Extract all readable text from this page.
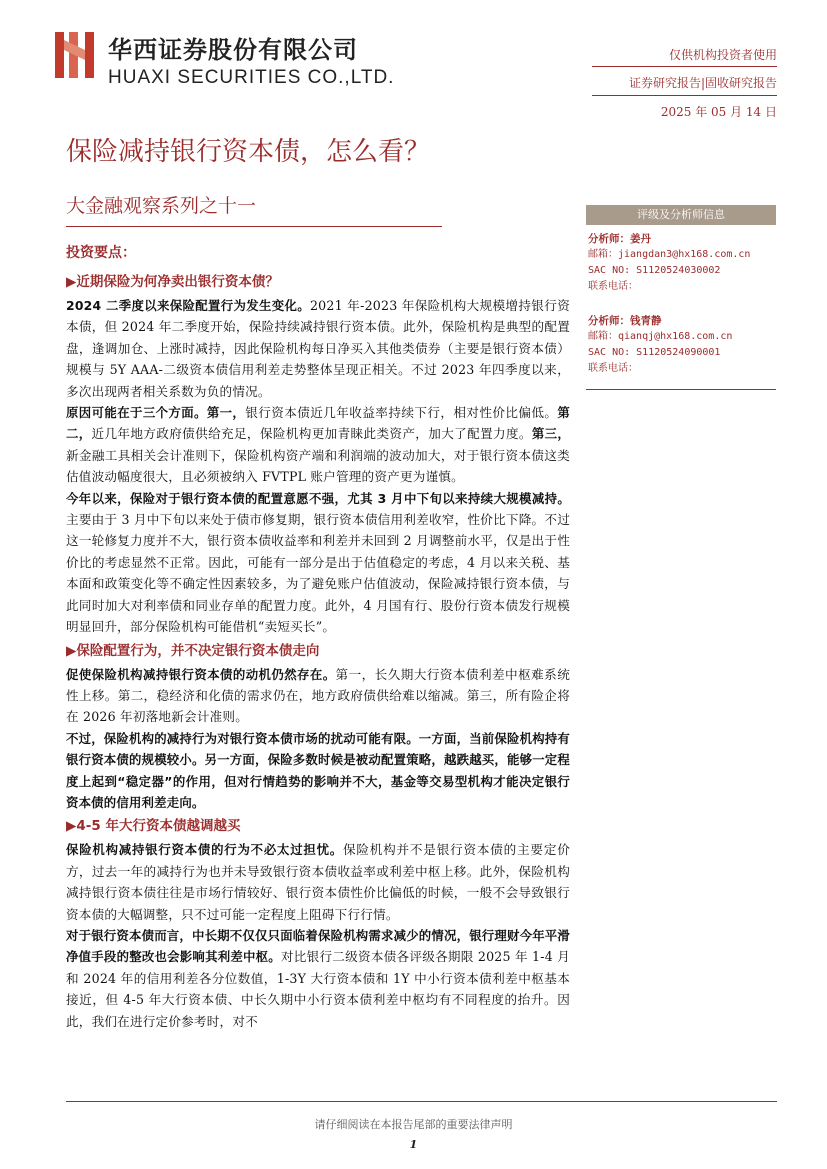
华西证券股份有限公司
HUAXI SECURITIES CO.,LTD.
仅供机构投资者使用
证券研究报告|固收研究报告
2025 年 05 月 14 日
保险减持银行资本债，怎么看？
大金融观察系列之十一	评级及分析师信息
分析师：姜丹
邮箱：jiangdan3@hx168.com.cn
SAC NO: S1120524030002
联系电话：
分析师：钱青静
邮箱：qianqj@hx168.com.cn
SAC NO: S1120524090001
联系电话：
投资要点：
▶近期保险为何净卖出银行资本债？

2024 二季度以来保险配置行为发生变化。2021 年-2023 年保险机构大规模增持银行资本债，但 2024 年二季度开始，保险持续减持银行资本债。此外，保险机构是典型的配置盘，逢调加仓、上涨时减持，因此保险机构每日净买入其他类债券（主要是银行资本债）规模与 5Y AAA-二级资本债信用利差走势整体呈现正相关。不过 2023 年四季度以来，多次出现两者相关系数为负的情况。

原因可能在于三个方面。第一，银行资本债近几年收益率持续下行，相对性价比偏低。第二，近几年地方政府债供给充足，保险机构更加青睐此类资产，加大了配置力度。第三，新金融工具相关会计准则下，保险机构资产端和利润端的波动加大，对于银行资本债这类估值波动幅度很大，且必须被纳入 FVTPL 账户管理的资产更为谨慎。

今年以来，保险对于银行资本债的配置意愿不强，尤其 3 月中下旬以来持续大规模减持。主要由于 3 月中下旬以来处于债市修复期，银行资本债信用利差收窄，性价比下降。不过这一轮修复力度并不大，银行资本债收益率和利差并未回到 2 月调整前水平，仅是出于性价比的考虑显然不正常。因此，可能有一部分是出于估值稳定的考虑，4 月以来关税、基本面和政策变化等不确定性因素较多，为了避免账户估值波动，保险减持银行资本债，与此同时加大对利率债和同业存单的配置力度。此外，4 月国有行、股份行资本债发行规模明显回升，部分保险机构可能借机“卖短买长”。

▶保险配置行为，并不决定银行资本债走向

促使保险机构减持银行资本债的动机仍然存在。第一，长久期大行资本债利差中枢难系统性上移。第二，稳经济和化债的需求仍在，地方政府债供给难以缩减。第三，所有险企将在 2026 年初落地新会计准则。

不过，保险机构的减持行为对银行资本债市场的扰动可能有限。一方面，当前保险机构持有银行资本债的规模较小。另一方面，保险多数时候是被动配置策略，越跌越买，能够一定程度上起到“稳定器”的作用，但对行情趋势的影响并不大，基金等交易型机构才能决定银行资本债的信用利差走向。

▶4-5 年大行资本债越调越买

保险机构减持银行资本债的行为不必太过担忧。保险机构并不是银行资本债的主要定价方，过去一年的减持行为也并未导致银行资本债收益率或利差中枢上移。此外，保险机构减持银行资本债往往是市场行情较好、银行资本债性价比偏低的时候，一般不会导致银行资本债的大幅调整，只不过可能一定程度上阻碍下行行情。

对于银行资本债而言，中长期不仅仅只面临着保险机构需求减少的情况，银行理财今年平滑净值手段的整改也会影响其利差中枢。对比银行二级资本债各评级各期限 2025 年 1-4 月和 2024 年的信用利差各分位数值，1-3Y 大行资本债和 1Y 中小行资本债利差中枢基本接近，但 4-5 年大行资本债、中长久期中小行资本债利差中枢均有不同程度的抬升。因此，我们在进行定价参考时，对不

请仔细阅读在本报告尾部的重要法律声明
1
